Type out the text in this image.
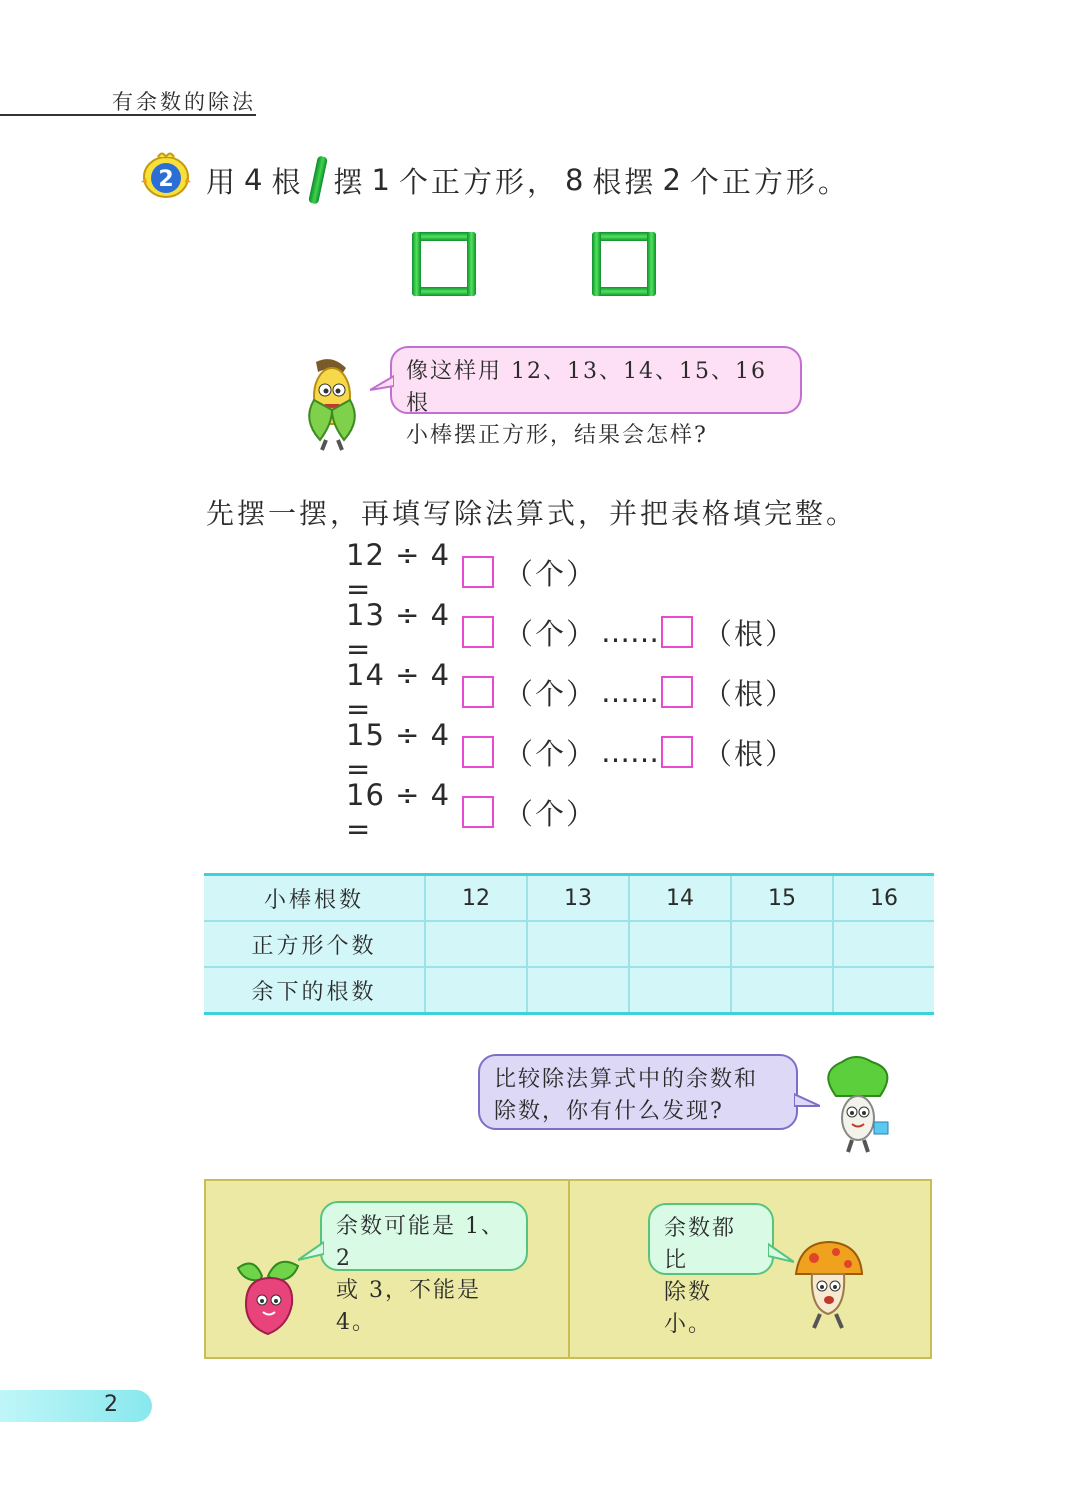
有余数的除法
2 用 4 根 摆 1 个正方形， 8 根摆 2 个正方形。
像这样用 12、13、14、15、16 根
小棒摆正方形，结果会怎样?
先摆一摆，再填写除法算式，并把表格填完整。
12 ÷ 4 =	（个）
13 ÷ 4 =	（个） …… （根）
14 ÷ 4 =	（个） …… （根）
15 ÷ 4 =	（个） …… （根）
16 ÷ 4 =	（个）
小棒根数	12	13	14	15	16
正方形个数					
余下的根数					
比较除法算式中的余数和
除数，你有什么发现?
余数可能是 1、2
或 3，不能是 4。
余数都比
除数小。
2
